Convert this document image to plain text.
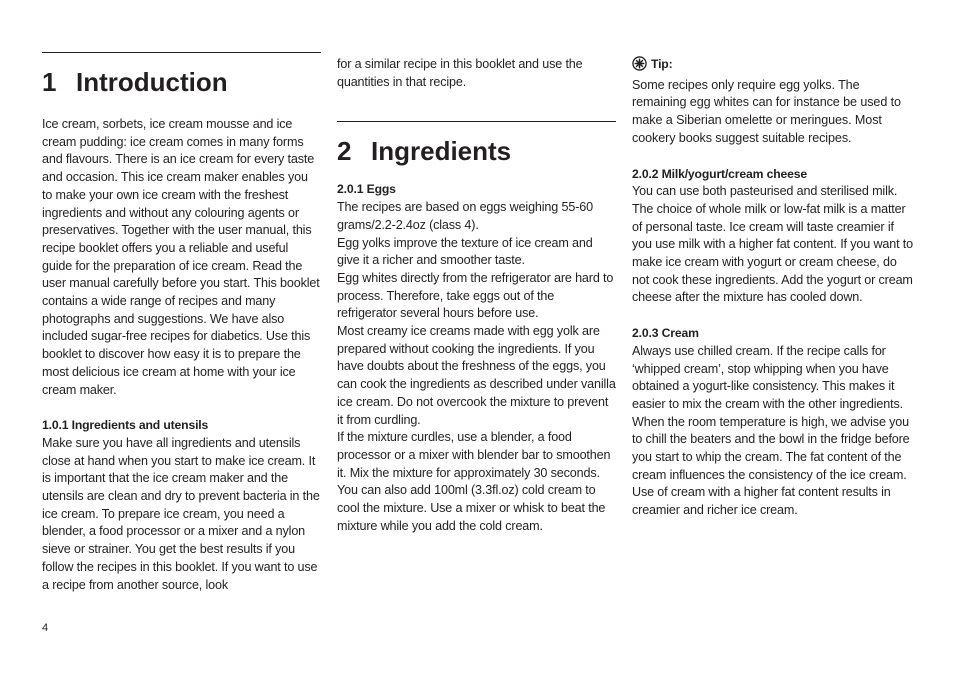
1 Introduction

Ice cream, sorbets, ice cream mousse and ice cream pudding: ice cream comes in many forms and flavours. There is an ice cream for every taste and occasion. This ice cream maker enables you to make your own ice cream with the freshest ingredients and without any colouring agents or preservatives. Together with the user manual, this recipe booklet offers you a reliable and useful guide for the preparation of ice cream. Read the user manual carefully before you start. This booklet contains a wide range of recipes and many photographs and suggestions. We have also included sugar-free recipes for diabetics. Use this booklet to discover how easy it is to prepare the most delicious ice cream at home with your ice cream maker.

1.0.1 Ingredients and utensils

Make sure you have all ingredients and utensils close at hand when you start to make ice cream. It is important that the ice cream maker and the utensils are clean and dry to prevent bacteria in the ice cream. To prepare ice cream, you need a blender, a food processor or a mixer and a nylon sieve or strainer. You get the best results if you follow the recipes in this booklet. If you want to use a recipe from another source, look

for a similar recipe in this booklet and use the quantities in that recipe.

2 Ingredients

2.0.1 Eggs

The recipes are based on eggs weighing 55-60 grams/2.2-2.4oz (class 4).

Egg yolks improve the texture of ice cream and give it a richer and smoother taste.

Egg whites directly from the refrigerator are hard to process. Therefore, take eggs out of the refrigerator several hours before use.

Most creamy ice creams made with egg yolk are prepared without cooking the ingredients. If you have doubts about the freshness of the eggs, you can cook the ingredients as described under vanilla ice cream. Do not overcook the mixture to prevent it from curdling.

If the mixture curdles, use a blender, a food processor or a mixer with blender bar to smoothen it. Mix the mixture for approximately 30 seconds. You can also add 100ml (3.3fl.oz) cold cream to cool the mixture. Use a mixer or whisk to beat the mixture while you add the cold cream.

Tip:

Some recipes only require egg yolks. The remaining egg whites can for instance be used to make a Siberian omelette or meringues. Most cookery books suggest suitable recipes.

2.0.2 Milk/yogurt/cream cheese

You can use both pasteurised and sterilised milk. The choice of whole milk or low-fat milk is a matter of personal taste. Ice cream will taste creamier if you use milk with a higher fat content. If you want to make ice cream with yogurt or cream cheese, do not cook these ingredients. Add the yogurt or cream cheese after the mixture has cooled down.

2.0.3 Cream

Always use chilled cream. If the recipe calls for ‘whipped cream’, stop whipping when you have obtained a yogurt-like consistency. This makes it easier to mix the cream with the other ingredients. When the room temperature is high, we advise you to chill the beaters and the bowl in the fridge before you start to whip the cream. The fat content of the cream influences the consistency of the ice cream. Use of cream with a higher fat content results in creamier and richer ice cream.

4
